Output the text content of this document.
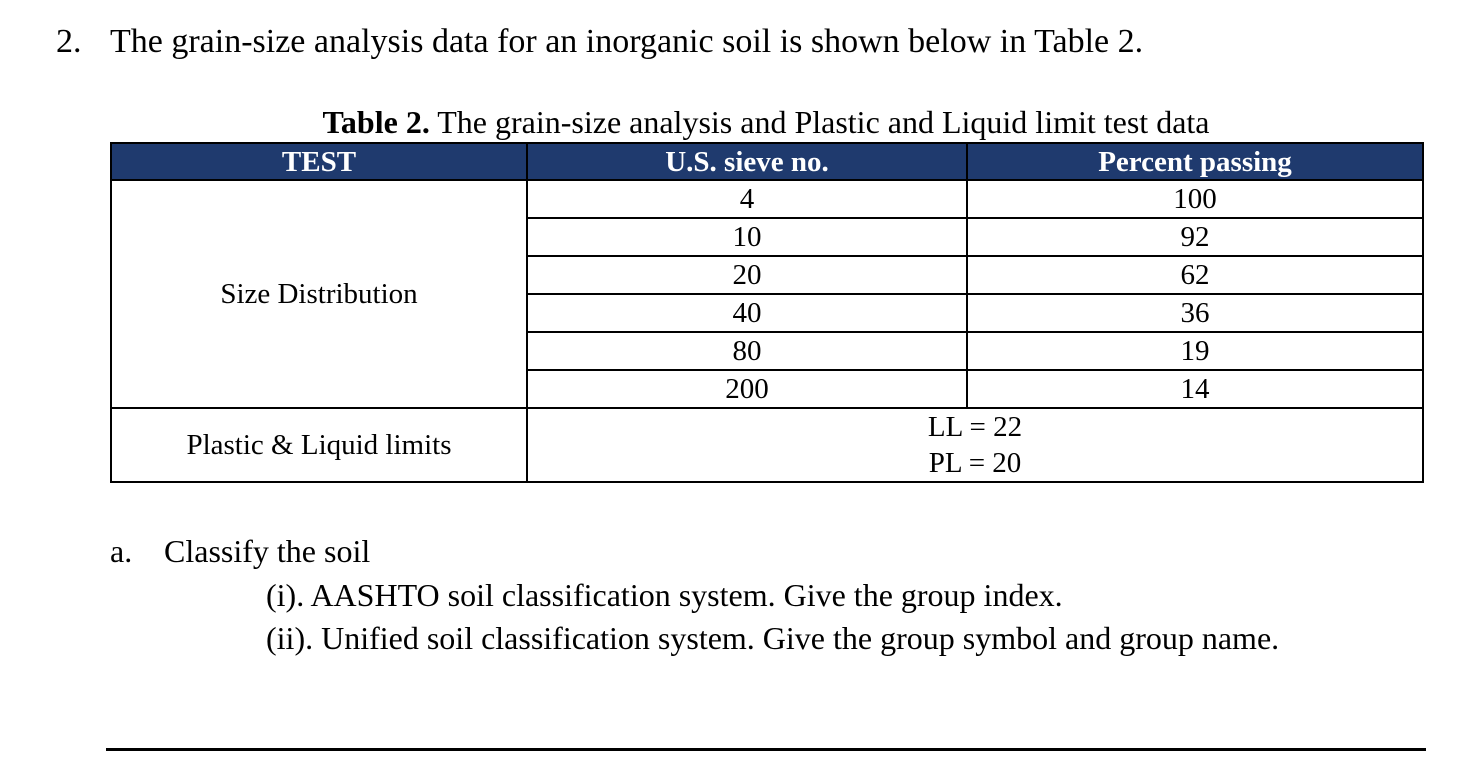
2. The grain-size analysis data for an inorganic soil is shown below in Table 2.
Table 2. The grain-size analysis and Plastic and Liquid limit test data
TEST	U.S. sieve no.	Percent passing
Size Distribution	4	100
	10	92
	20	62
	40	36
	80	19
	200	14
Plastic & Liquid limits	LL = 22
PL = 20	
a. Classify the soil
(i). AASHTO soil classification system. Give the group index.
(ii). Unified soil classification system. Give the group symbol and group name.
